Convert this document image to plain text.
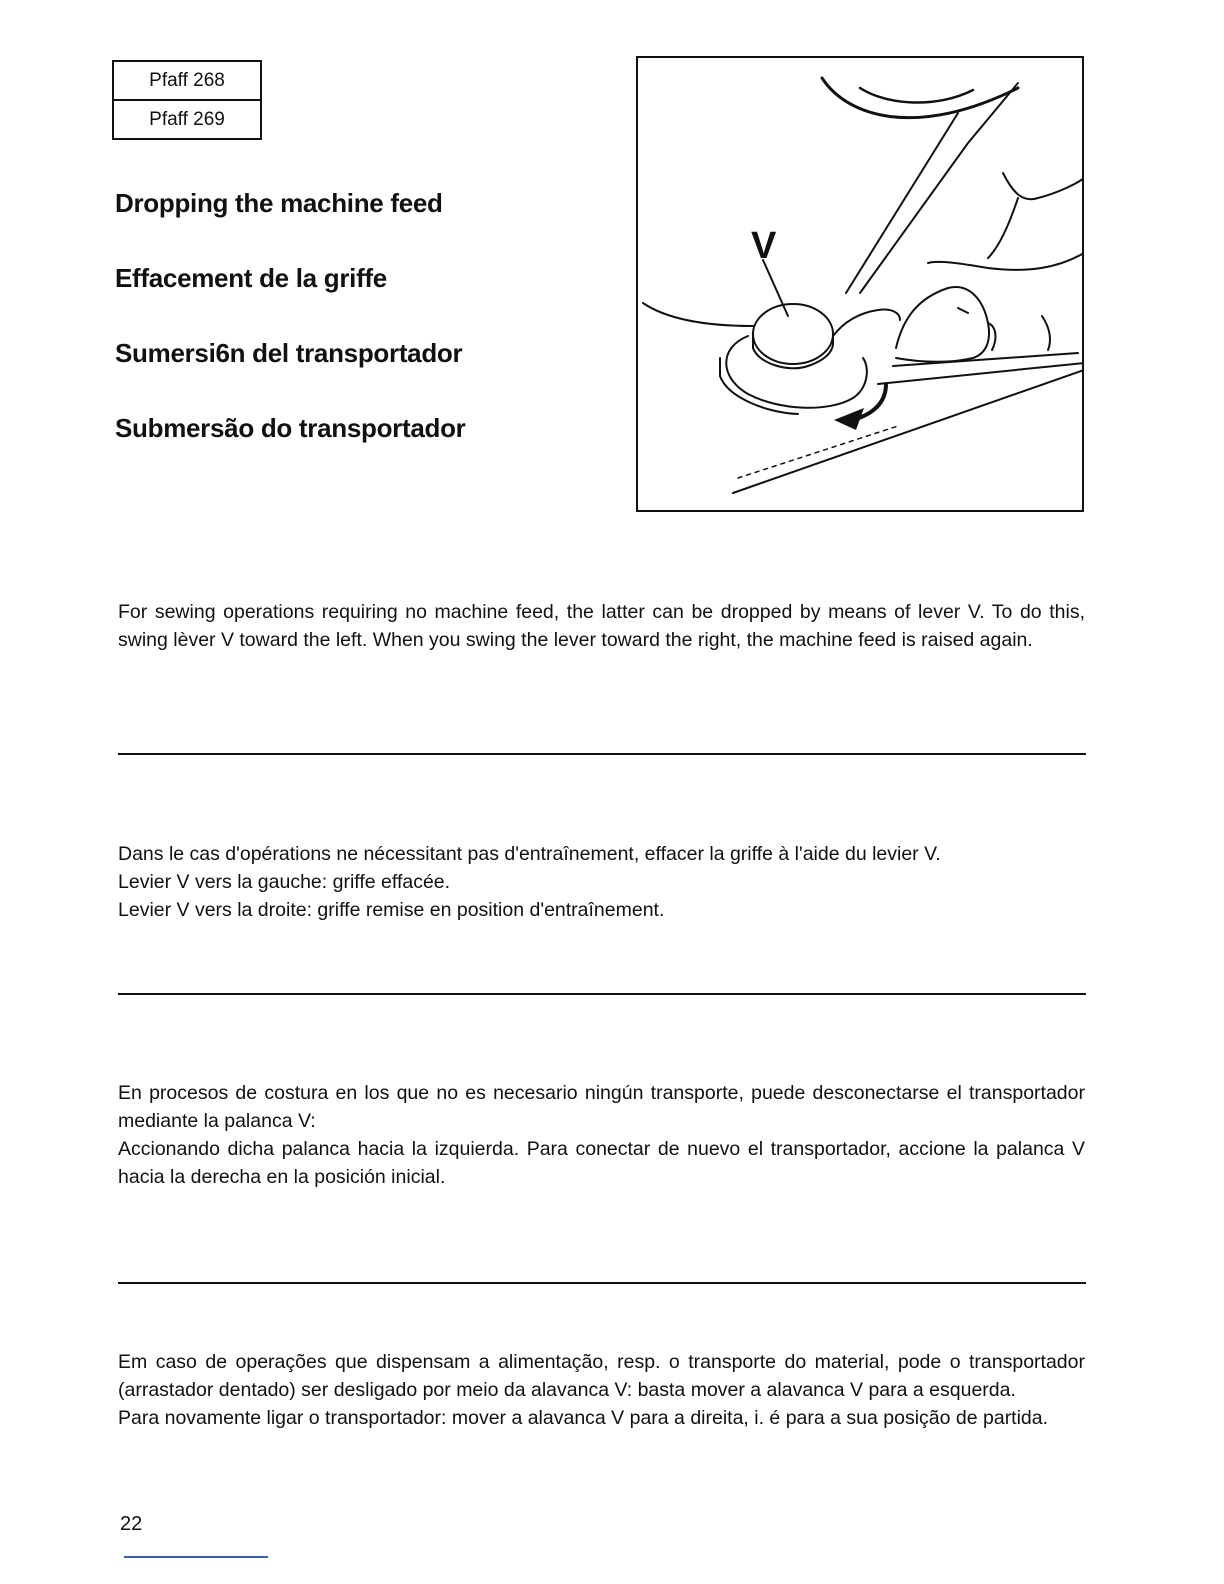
Pfaff 268
Pfaff 269
Dropping the machine feed
Effacement de la griffe
Sumersi6n del transportador
Submersão do transportador
V
For sewing operations requiring no machine feed, the latter can be dropped by means of lever V. To do this, swing lèver V toward the left. When you swing the lever toward the right, the machine feed is raised again.
Dans le cas d'opérations ne nécessitant pas d'entraînement, effacer la griffe à l'aide du levier V.
Levier V vers la gauche: griffe effacée.
Levier V vers la droite: griffe remise en position d'entraînement.
En procesos de costura en los que no es necesario ningún transporte, puede desconectarse el transportador mediante la palanca V:
Accionando dicha palanca hacia la izquierda. Para conectar de nuevo el transportador, accione la palanca V hacia la derecha en la posición inicial.
Em caso de operações que dispensam a alimentação, resp. o transporte do material, pode o transportador (arrastador dentado) ser desligado por meio da alavanca V: basta mover a alavanca V para a esquerda.
Para novamente ligar o transportador: mover a alavanca V para a direita, i. é para a sua posição de partida.
22
